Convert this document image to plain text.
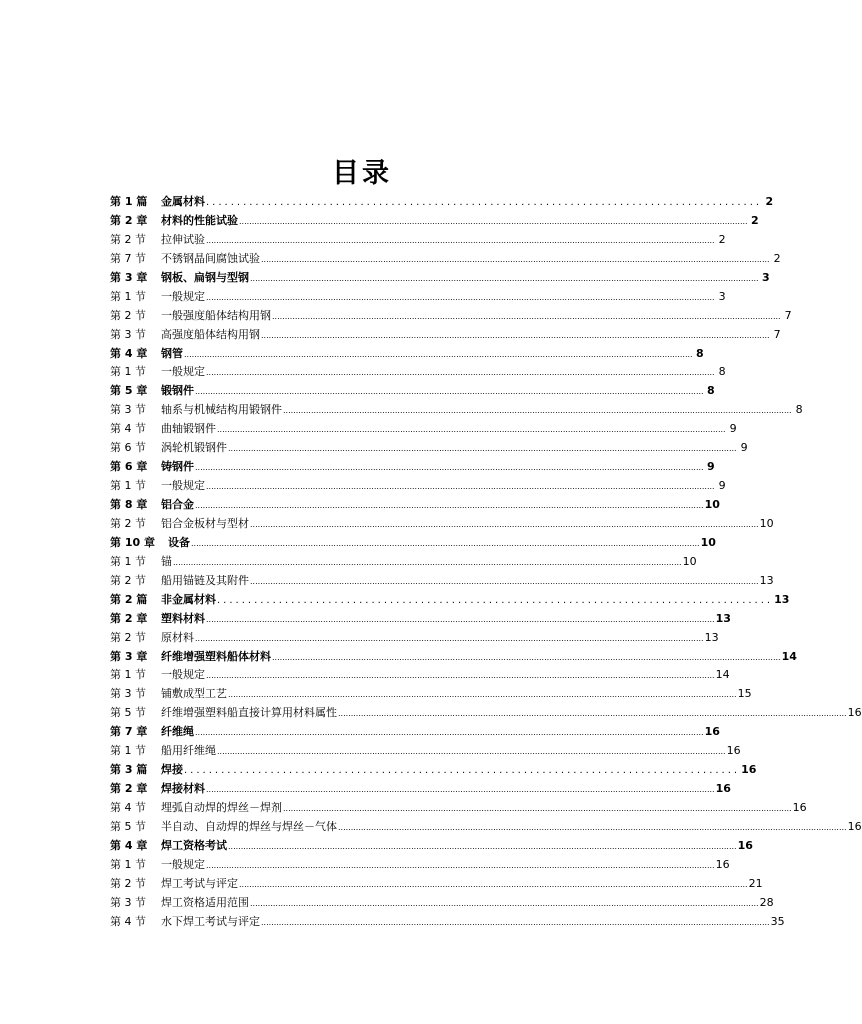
目录
第 1 篇	金属材料 .......................................................................................... 2
第 2 章	材料的性能试验 ........................................................................................................................................................................................................ 2
第 2 节	拉伸试验 ........................................................................................................................................................................................................ 2
第 7 节	不锈钢晶间腐蚀试验 ........................................................................................................................................................................................................ 2
第 3 章	钢板、扁钢与型钢 ........................................................................................................................................................................................................ 3
第 1 节	一般规定 ........................................................................................................................................................................................................ 3
第 2 节	一般强度船体结构用钢 ........................................................................................................................................................................................................ 7
第 3 节	高强度船体结构用钢 ........................................................................................................................................................................................................ 7
第 4 章	钢管 ........................................................................................................................................................................................................ 8
第 1 节	一般规定 ........................................................................................................................................................................................................ 8
第 5 章	锻钢件 ........................................................................................................................................................................................................ 8
第 3 节	轴系与机械结构用锻钢件 ........................................................................................................................................................................................................ 8
第 4 节	曲轴锻钢件 ........................................................................................................................................................................................................ 9
第 6 节	涡轮机锻钢件 ........................................................................................................................................................................................................ 9
第 6 章	铸钢件 ........................................................................................................................................................................................................ 9
第 1 节	一般规定 ........................................................................................................................................................................................................ 9
第 8 章	铝合金 ........................................................................................................................................................................................................ 10
第 2 节	铝合金板材与型材 ........................................................................................................................................................................................................ 10
第 10 章	设备 ........................................................................................................................................................................................................ 10
第 1 节	锚 ........................................................................................................................................................................................................ 10
第 2 节	船用锚链及其附件 ........................................................................................................................................................................................................ 13
第 2 篇	非金属材料 .......................................................................................... 13
第 2 章	塑料材料 ........................................................................................................................................................................................................ 13
第 2 节	原材料 ........................................................................................................................................................................................................ 13
第 3 章	纤维增强塑料船体材料 ........................................................................................................................................................................................................ 14
第 1 节	一般规定 ........................................................................................................................................................................................................ 14
第 3 节	铺敷成型工艺 ........................................................................................................................................................................................................ 15
第 5 节	纤维增强塑料船直接计算用材料属性 ........................................................................................................................................................................................................ 16
第 7 章	纤维绳 ........................................................................................................................................................................................................ 16
第 1 节	船用纤维绳 ........................................................................................................................................................................................................ 16
第 3 篇	焊接 .......................................................................................... 16
第 2 章	焊接材料 ........................................................................................................................................................................................................ 16
第 4 节	埋弧自动焊的焊丝－焊剂 ........................................................................................................................................................................................................ 16
第 5 节	半自动、自动焊的焊丝与焊丝－气体 ........................................................................................................................................................................................................ 16
第 4 章	焊工资格考试 ........................................................................................................................................................................................................ 16
第 1 节	一般规定 ........................................................................................................................................................................................................ 16
第 2 节	焊工考试与评定 ........................................................................................................................................................................................................ 21
第 3 节	焊工资格适用范围 ........................................................................................................................................................................................................ 28
第 4 节	水下焊工考试与评定 ........................................................................................................................................................................................................ 35
